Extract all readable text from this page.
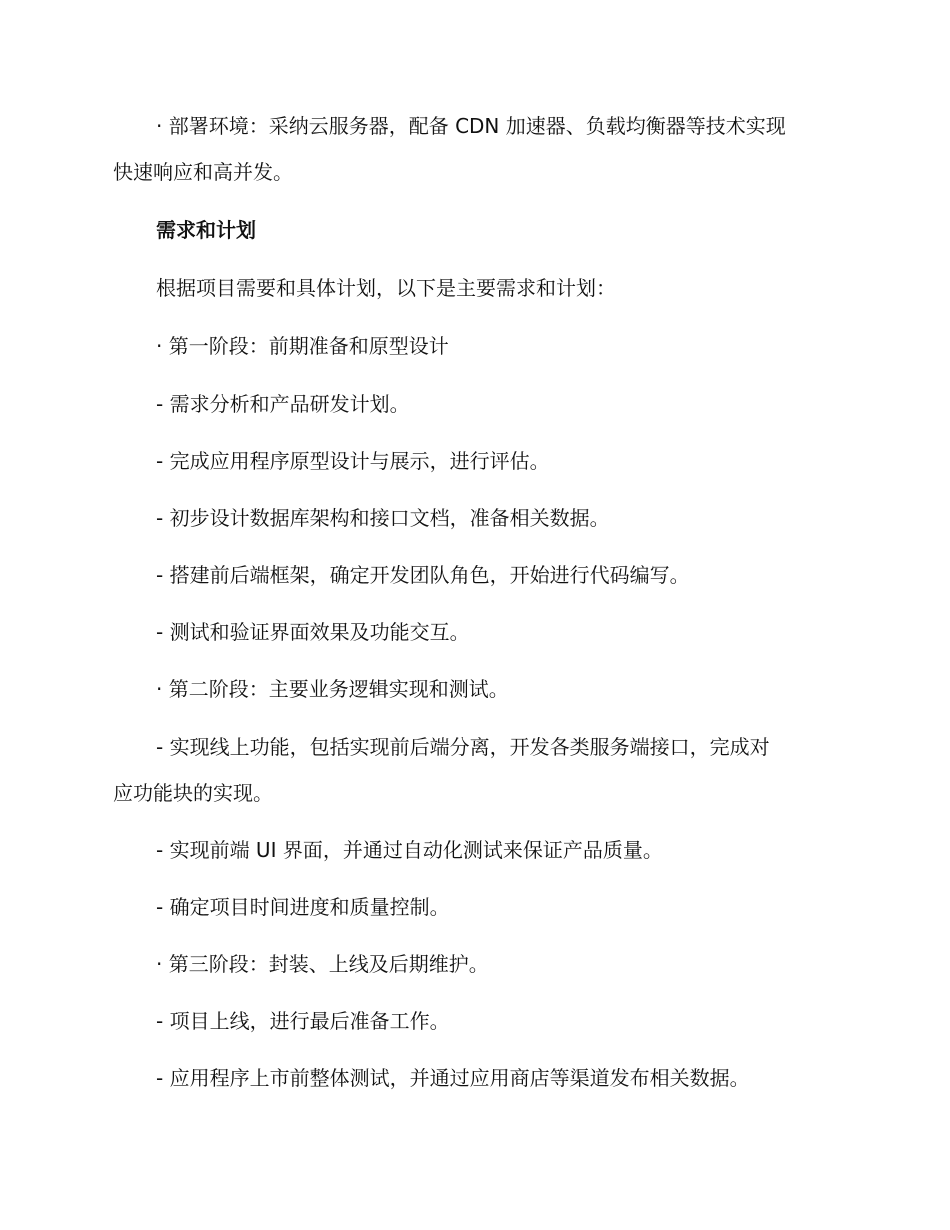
· 部署环境：采纳云服务器，配备 CDN 加速器、负载均衡器等技术实现
快速响应和高并发。
需求和计划
根据项目需要和具体计划，以下是主要需求和计划：
· 第一阶段：前期准备和原型设计
- 需求分析和产品研发计划。
- 完成应用程序原型设计与展示，进行评估。
- 初步设计数据库架构和接口文档，准备相关数据。
- 搭建前后端框架，确定开发团队角色，开始进行代码编写。
- 测试和验证界面效果及功能交互。
· 第二阶段：主要业务逻辑实现和测试。
- 实现线上功能，包括实现前后端分离，开发各类服务端接口，完成对
应功能块的实现。
- 实现前端 UI 界面，并通过自动化测试来保证产品质量。
- 确定项目时间进度和质量控制。
· 第三阶段：封装、上线及后期维护。
- 项目上线，进行最后准备工作。
- 应用程序上市前整体测试，并通过应用商店等渠道发布相关数据。
